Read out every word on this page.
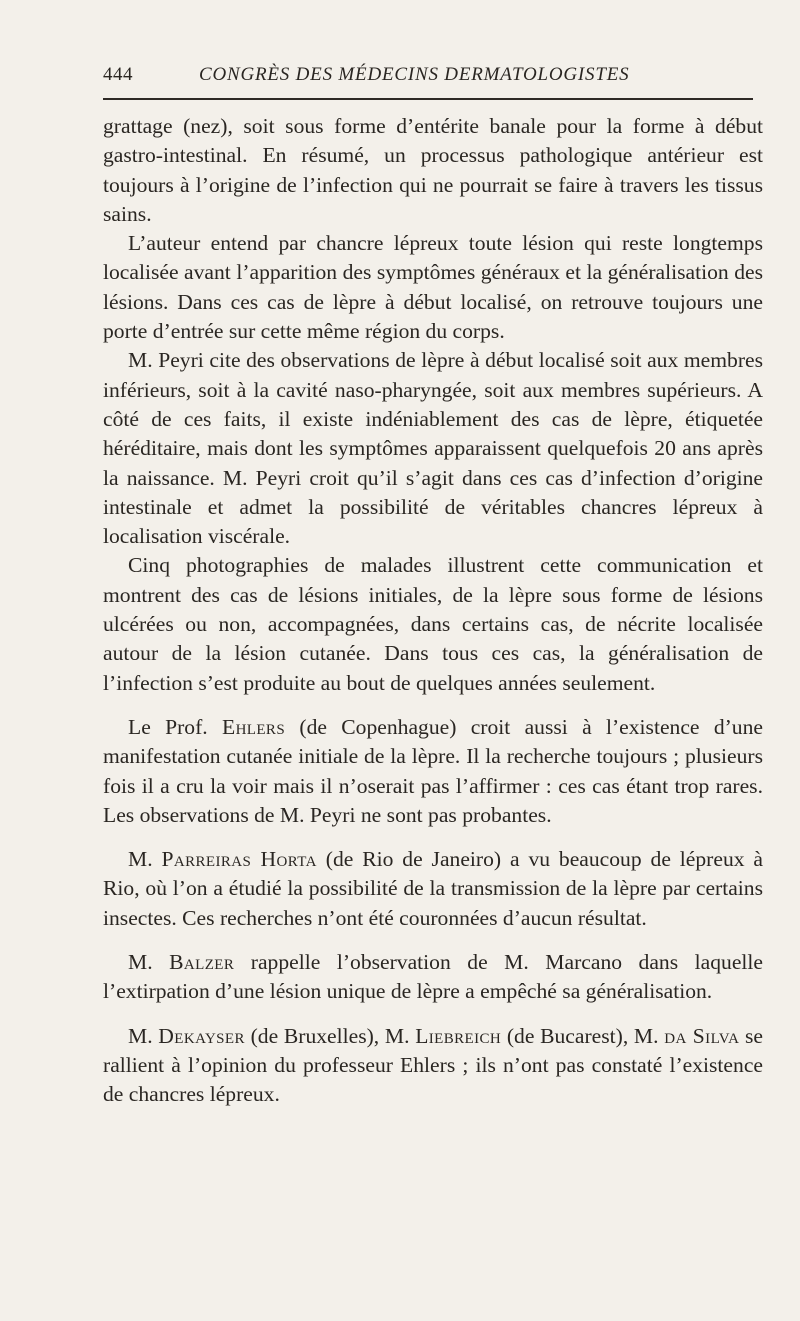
444	CONGRÈS DES MÉDECINS DERMATOLOGISTES

grattage (nez), soit sous forme d’entérite banale pour la forme à début gastro-intestinal. En résumé, un processus pathologique antérieur est toujours à l’origine de l’infection qui ne pourrait se faire à travers les tissus sains.

L’auteur entend par chancre lépreux toute lésion qui reste longtemps localisée avant l’apparition des symptômes généraux et la généralisation des lésions. Dans ces cas de lèpre à début localisé, on retrouve toujours une porte d’entrée sur cette même région du corps.

M. Peyri cite des observations de lèpre à début localisé soit aux membres inférieurs, soit à la cavité naso-pharyngée, soit aux membres supérieurs. A côté de ces faits, il existe indéniablement des cas de lèpre, étiquetée héréditaire, mais dont les symptômes apparaissent quelquefois 20 ans après la naissance. M. Peyri croit qu’il s’agit dans ces cas d’infection d’origine intestinale et admet la possibilité de véritables chancres lépreux à localisation viscérale.

Cinq photographies de malades illustrent cette communication et montrent des cas de lésions initiales, de la lèpre sous forme de lésions ulcérées ou non, accompagnées, dans certains cas, de nécrite localisée autour de la lésion cutanée. Dans tous ces cas, la généralisation de l’infection s’est produite au bout de quelques années seulement.

Le Prof. Ehlers (de Copenhague) croit aussi à l’existence d’une manifestation cutanée initiale de la lèpre. Il la recherche toujours ; plusieurs fois il a cru la voir mais il n’oserait pas l’affirmer : ces cas étant trop rares. Les observations de M. Peyri ne sont pas probantes.

M. Parreiras Horta (de Rio de Janeiro) a vu beaucoup de lépreux à Rio, où l’on a étudié la possibilité de la transmission de la lèpre par certains insectes. Ces recherches n’ont été couronnées d’aucun résultat.

M. Balzer rappelle l’observation de M. Marcano dans laquelle l’extirpation d’une lésion unique de lèpre a empêché sa généralisation.

M. Dekayser (de Bruxelles), M. Liebreich (de Bucarest), M. da Silva se rallient à l’opinion du professeur Ehlers ; ils n’ont pas constaté l’existence de chancres lépreux.
